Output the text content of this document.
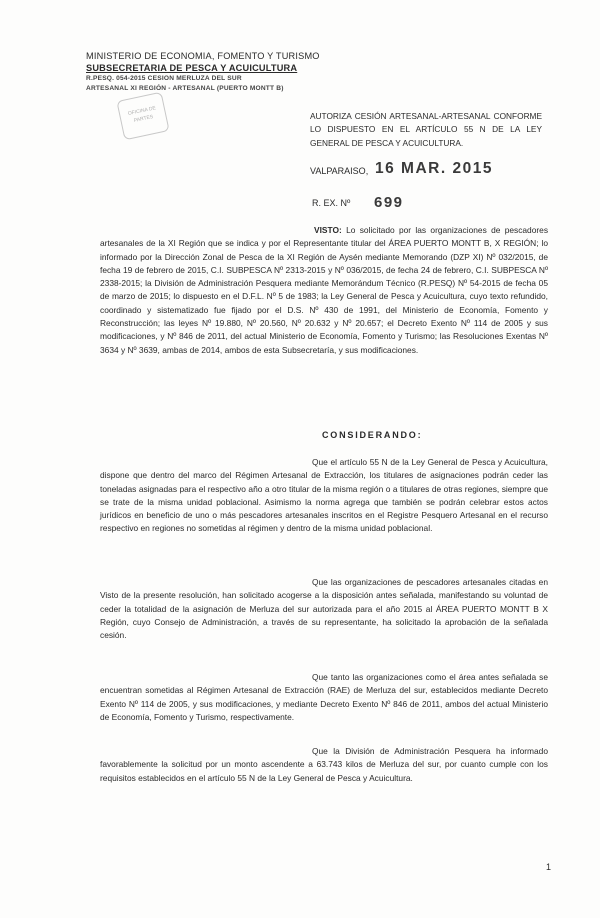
MINISTERIO DE ECONOMIA, FOMENTO Y TURISMO
SUBSECRETARIA DE PESCA Y ACUICULTURA
R.PESQ. 054-2015 CESION MERLUZA DEL SUR
ARTESANAL XI REGIÓN - ARTESANAL (PUERTO MONTT B)
OFICINA DE PARTES	AUTORIZA CESIÓN ARTESANAL-ARTESANAL CONFORME LO DISPUESTO EN EL ARTÍCULO 55 N DE LA LEY GENERAL DE PESCA Y ACUICULTURA.
VALPARAISO, 16 MAR. 2015
R. EX. Nº 699
VISTO: Lo solicitado por las organizaciones de pescadores artesanales de la XI Región que se indica y por el Representante titular del ÁREA PUERTO MONTT B, X REGIÓN; lo informado por la Dirección Zonal de Pesca de la XI Región de Aysén mediante Memorando (DZP XI) Nº 032/2015, de fecha 19 de febrero de 2015, C.I. SUBPESCA Nº 2313-2015 y Nº 036/2015, de fecha 24 de febrero, C.I. SUBPESCA Nº 2338-2015; la División de Administración Pesquera mediante Memorándum Técnico (R.PESQ) Nº 54-2015 de fecha 05 de marzo de 2015; lo dispuesto en el D.F.L. Nº 5 de 1983; la Ley General de Pesca y Acuicultura, cuyo texto refundido, coordinado y sistematizado fue fijado por el D.S. Nº 430 de 1991, del Ministerio de Economía, Fomento y Reconstrucción; las leyes Nº 19.880, Nº 20.560, Nº 20.632 y Nº 20.657; el Decreto Exento Nº 114 de 2005 y sus modificaciones, y Nº 846 de 2011, del actual Ministerio de Economía, Fomento y Turismo; las Resoluciones Exentas Nº 3634 y Nº 3639, ambas de 2014, ambos de esta Subsecretaría, y sus modificaciones.
CONSIDERANDO:
Que el artículo 55 N de la Ley General de Pesca y Acuicultura, dispone que dentro del marco del Régimen Artesanal de Extracción, los titulares de asignaciones podrán ceder las toneladas asignadas para el respectivo año a otro titular de la misma región o a titulares de otras regiones, siempre que se trate de la misma unidad poblacional. Asimismo la norma agrega que también se podrán celebrar estos actos jurídicos en beneficio de uno o más pescadores artesanales inscritos en el Registre Pesquero Artesanal en el recurso respectivo en regiones no sometidas al régimen y dentro de la misma unidad poblacional.
Que las organizaciones de pescadores artesanales citadas en Visto de la presente resolución, han solicitado acogerse a la disposición antes señalada, manifestando su voluntad de ceder la totalidad de la asignación de Merluza del sur autorizada para el año 2015 al ÁREA PUERTO MONTT B X Región, cuyo Consejo de Administración, a través de su representante, ha solicitado la aprobación de la señalada cesión.
Que tanto las organizaciones como el área antes señalada se encuentran sometidas al Régimen Artesanal de Extracción (RAE) de Merluza del sur, establecidos mediante Decreto Exento Nº 114 de 2005, y sus modificaciones, y mediante Decreto Exento Nº 846 de 2011, ambos del actual Ministerio de Economía, Fomento y Turismo, respectivamente.
Que la División de Administración Pesquera ha informado favorablemente la solicitud por un monto ascendente a 63.743 kilos de Merluza del sur, por cuanto cumple con los requisitos establecidos en el artículo 55 N de la Ley General de Pesca y Acuicultura.
1
